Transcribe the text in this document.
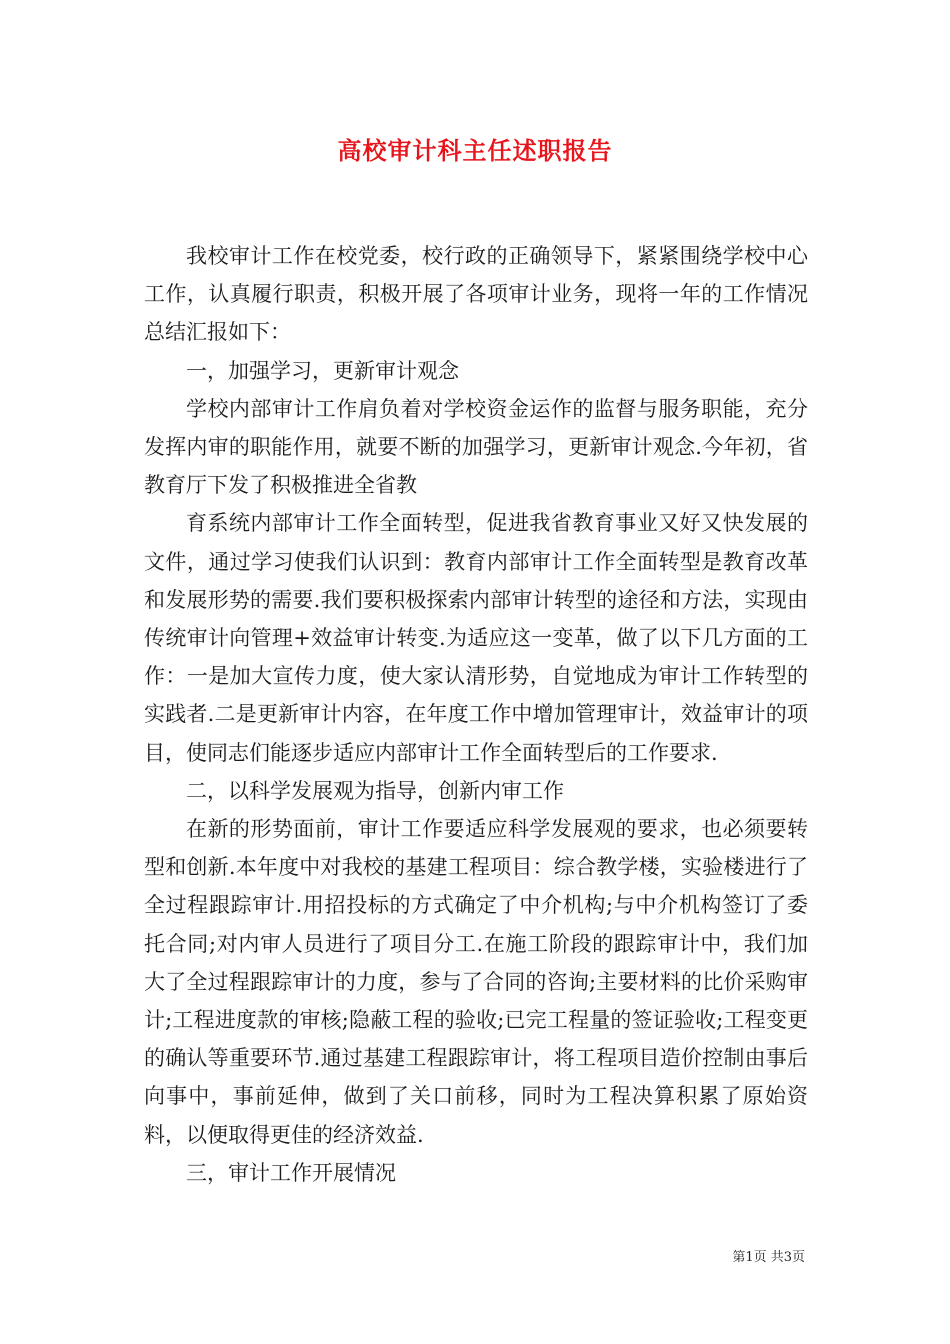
高校审计科主任述职报告

我校审计工作在校党委，校行政的正确领导下，紧紧围绕学校中心工作，认真履行职责，积极开展了各项审计业务，现将一年的工作情况总结汇报如下：

一，加强学习，更新审计观念

学校内部审计工作肩负着对学校资金运作的监督与服务职能，充分发挥内审的职能作用，就要不断的加强学习，更新审计观念.今年初，省教育厅下发了积极推进全省教

育系统内部审计工作全面转型，促进我省教育事业又好又快发展的文件，通过学习使我们认识到：教育内部审计工作全面转型是教育改革和发展形势的需要.我们要积极探索内部审计转型的途径和方法，实现由传统审计向管理+效益审计转变.为适应这一变革，做了以下几方面的工作：一是加大宣传力度，使大家认清形势，自觉地成为审计工作转型的实践者.二是更新审计内容，在年度工作中增加管理审计，效益审计的项目，使同志们能逐步适应内部审计工作全面转型后的工作要求.

二，以科学发展观为指导，创新内审工作

在新的形势面前，审计工作要适应科学发展观的要求，也必须要转型和创新.本年度中对我校的基建工程项目：综合教学楼，实验楼进行了全过程跟踪审计.用招投标的方式确定了中介机构;与中介机构签订了委托合同;对内审人员进行了项目分工.在施工阶段的跟踪审计中，我们加大了全过程跟踪审计的力度，参与了合同的咨询;主要材料的比价采购审计;工程进度款的审核;隐蔽工程的验收;已完工程量的签证验收;工程变更的确认等重要环节.通过基建工程跟踪审计，将工程项目造价控制由事后向事中，事前延伸，做到了关口前移，同时为工程决算积累了原始资料，以便取得更佳的经济效益.

三，审计工作开展情况

第1页 共3页
